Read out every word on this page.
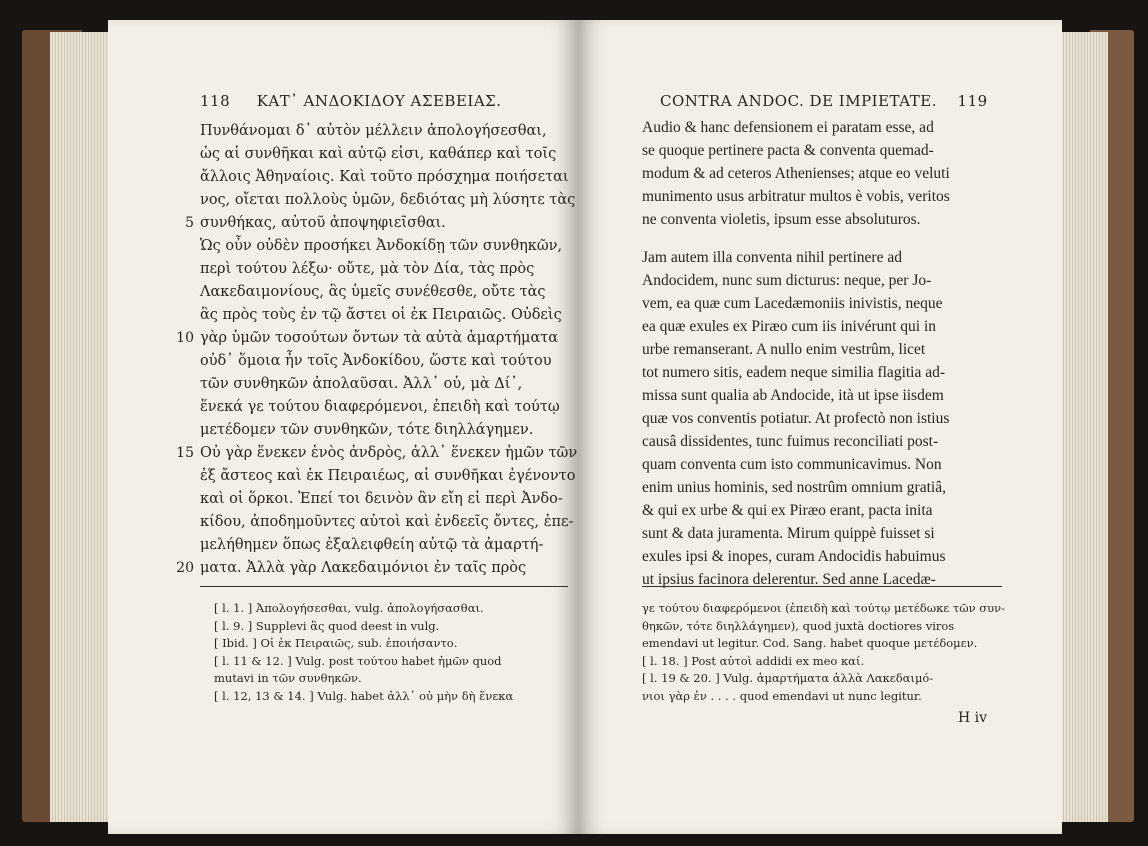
118 ΚΑΤ᾽ ΑΝΔΟΚΙΔΟΥ ΑΣΕΒΕΙΑΣ.
Πυνθάνομαι δ᾽ αὐτὸν μέλλειν ἀπολογήσεσθαι,
ὡς αἱ συνθῆκαι καὶ αὐτῷ εἰσι, καθάπερ καὶ τοῖς
ἄλλοις Ἀθηναίοις. Καὶ τοῦτο πρόσχημα ποιήσεται
νος, οἴεται πολλοὺς ὑμῶν, δεδιότας μὴ λύσητε τὰς
5 συνθήκας, αὐτοῦ ἀποψηφιεῖσθαι.
Ὡς οὖν οὐδὲν προσήκει Ἀνδοκίδῃ τῶν συνθηκῶν,
περὶ τούτου λέξω· οὔτε, μὰ τὸν Δία, τὰς πρὸς
Λακεδαιμονίους, ἃς ὑμεῖς συνέθεσθε, οὔτε τὰς
ἃς πρὸς τοὺς ἐν τῷ ἄστει οἱ ἐκ Πειραιῶς. Οὐδεὶς
10 γὰρ ὑμῶν τοσούτων ὄντων τὰ αὐτὰ ἁμαρτήματα
οὐδ᾽ ὅμοια ἦν τοῖς Ἀνδοκίδου, ὥστε καὶ τούτου
τῶν συνθηκῶν ἀπολαῦσαι. Ἀλλ᾽ οὐ, μὰ Δί᾽,
ἕνεκά γε τούτου διαφερόμενοι, ἐπειδὴ καὶ τούτῳ
μετέδομεν τῶν συνθηκῶν, τότε διηλλάγημεν.
15 Οὐ γὰρ ἕνεκεν ἑνὸς ἀνδρὸς, ἀλλ᾽ ἕνεκεν ἡμῶν τῶν
ἐξ ἄστεος καὶ ἐκ Πειραιέως, αἱ συνθῆκαι ἐγένοντο
καὶ οἱ ὅρκοι. Ἐπεί τοι δεινὸν ἂν εἴη εἰ περὶ Ἀνδο-
κίδου, ἀποδημοῦντες αὐτοὶ καὶ ἐνδεεῖς ὄντες, ἐπε-
μελήθημεν ὅπως ἐξαλειφθείη αὐτῷ τὰ ἁμαρτή-
20 ματα. Ἀλλὰ γὰρ Λακεδαιμόνιοι ἐν ταῖς πρὸς
[ l. 1. ] Ἀπολογήσεσθαι, vulg. ἀπολογήσασθαι.
[ l. 9. ] Supplevi ἃς quod deest in vulg.
[ Ibid. ] Οἱ ἐκ Πειραιῶς, sub. ἐποιήσαντο.
[ l. 11 & 12. ] Vulg. post τούτου habet ἡμῶν quod
mutavi in τῶν συνθηκῶν.
[ l. 12, 13 & 14. ] Vulg. habet ἀλλ᾽ οὐ μὴν δὴ ἕνεκα
CONTRA ANDOC. DE IMPIETATE. 119
Audio & hanc defensionem ei paratam esse, ad
se quoque pertinere pacta & conventa quemad-
modum & ad ceteros Athenienses; atque eo veluti
munimento usus arbitratur multos è vobis, veritos
ne conventa violetis, ipsum esse absoluturos.
Jam autem illa conventa nihil pertinere ad
Andocidem, nunc sum dicturus: neque, per Jo-
vem, ea quæ cum Lacedæmoniis inivistis, neque
ea quæ exules ex Piræo cum iis inivérunt qui in
urbe remanserant. A nullo enim vestrûm, licet
tot numero sitis, eadem neque similia flagitia ad-
missa sunt qualia ab Andocide, ità ut ipse iisdem
quæ vos conventis potiatur. At profectò non istius
causâ dissidentes, tunc fuimus reconciliati post-
quam conventa cum isto communicavimus. Non
enim unius hominis, sed nostrûm omnium gratiâ,
& qui ex urbe & qui ex Piræo erant, pacta inita
sunt & data juramenta. Mirum quippè fuisset si
exules ipsi & inopes, curam Andocidis habuimus
ut ipsius facinora delerentur. Sed anne Lacedæ-
γε τούτου διαφερόμενοι (ἐπειδὴ καὶ τούτῳ μετέδωκε τῶν συν-
θηκῶν, τότε διηλλάγημεν), quod juxtà doctiores viros
emendavi ut legitur. Cod. Sang. habet quoque μετέδομεν.
[ l. 18. ] Post αὐτοὶ addidi ex meo καί.
[ l. 19 & 20. ] Vulg. ἁμαρτήματα ἀλλὰ Λακεδαιμό-
νιοι γὰρ ἐν . . . . quod emendavi ut nunc legitur.
H iv
